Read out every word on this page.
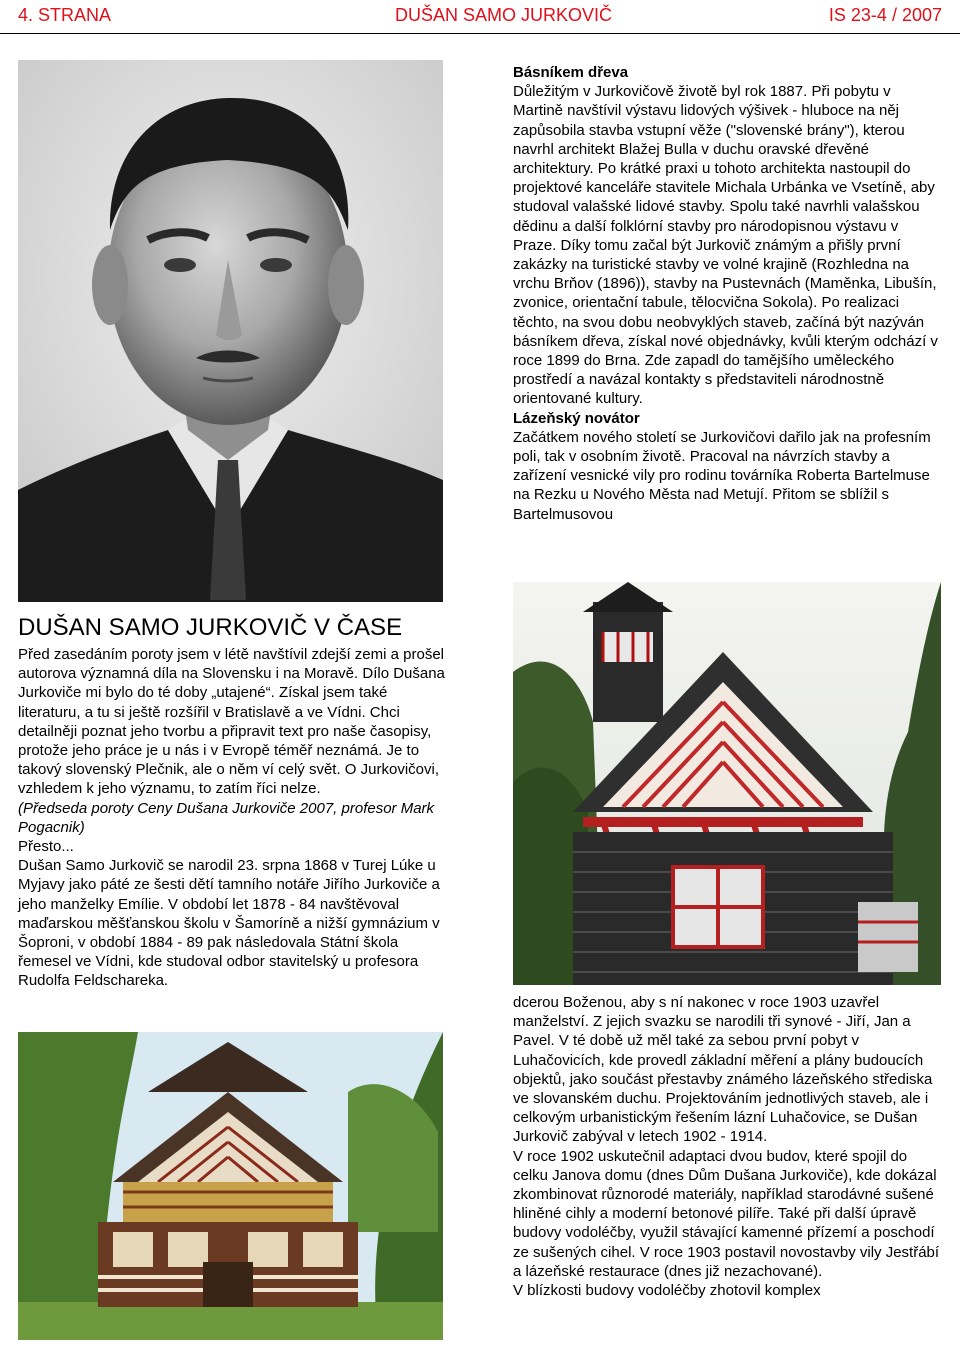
4. STRANA	DUŠAN SAMO JURKOVIČ	IS 23-4 / 2007

Básníkem dřeva

Důležitým v Jurkovičově životě byl rok 1887. Při pobytu v Martině navštívil výstavu lidových výšivek - hluboce na něj zapůsobila stavba vstupní věže ("slovenské brány"), kterou navrhl architekt Blažej Bulla v duchu oravské dřevěné architektury. Po krátké praxi u tohoto architekta nastoupil do projektové kanceláře stavitele Michala Urbánka ve Vsetíně, aby studoval valašské lidové stavby. Spolu také navrhli valašskou dědinu a další folklórní stavby pro národopisnou výstavu v Praze. Díky tomu začal být Jurkovič známým a přišly první zakázky na turistické stavby ve volné krajině (Rozhledna na vrchu Brňov (1896)), stavby na Pustevnách (Maměnka, Libušín, zvonice, orientační tabule, tělocvična Sokola). Po realizaci těchto, na svou dobu neobvyklých staveb, začíná být nazýván básníkem dřeva, získal nové objednávky, kvůli kterým odchází v roce 1899 do Brna. Zde zapadl do tamějšího uměleckého prostředí a navázal kontakty s představiteli národnostně orientované kultury.

Lázeňský novátor

Začátkem nového století se Jurkovičovi dařilo jak na profesním poli, tak v osobním životě. Pracoval na návrzích stavby a zařízení vesnické vily pro rodinu továrníka Roberta Bartelmuse na Rezku u Nového Města nad Metují. Přitom se sblížil s Bartelmusovou

DUŠAN SAMO JURKOVIČ V ČASE

Před zasedáním poroty jsem v létě navštívil zdejší zemi a prošel autorova významná díla na Slovensku i na Moravě. Dílo Dušana Jurkoviče mi bylo do té doby „utajené“. Získal jsem také literaturu, a tu si ještě rozšířil v Bratislavě a ve Vídni. Chci detailněji poznat jeho tvorbu a připravit text pro naše časopisy, protože jeho práce je u nás i v Evropě téměř neznámá. Je to takový slovenský Plečnik, ale o něm ví celý svět. O Jurkovičovi, vzhledem k jeho významu, to zatím říci nelze.

(Předseda poroty Ceny Dušana Jurkoviče 2007, profesor Mark Pogacnik)

Přesto...

Dušan Samo Jurkovič se narodil 23. srpna 1868 v Turej Lúke u Myjavy jako páté ze šesti dětí tamního notáře Jiřího Jurkoviče a jeho manželky Emílie. V období let 1878 - 84 navštěvoval maďarskou měšťanskou školu v Šamoríně a nižší gymnázium v Šoproni, v období 1884 - 89 pak následovala Státní škola řemesel ve Vídni, kde studoval odbor stavitelský u profesora Rudolfa Feldschareka.

dcerou Boženou, aby s ní nakonec v roce 1903 uzavřel manželství. Z jejich svazku se narodili tři synové - Jiří, Jan a Pavel. V té době už měl také za sebou první pobyt v Luhačovicích, kde provedl základní měření a plány budoucích objektů, jako součást přestavby známého lázeňského střediska ve slovanském duchu. Projektováním jednotlivých staveb, ale i celkovým urbanistickým řešením lázní Luhačovice, se Dušan Jurkovič zabýval v letech 1902 - 1914.

V roce 1902 uskutečnil adaptaci dvou budov, které spojil do celku Janova domu (dnes Dům Dušana Jurkoviče), kde dokázal zkombinovat různorodé materiály, například starodávné sušené hliněné cihly a moderní betonové pilíře. Také při další úpravě budovy vodoléčby, využil stávající kamenné přízemí a poschodí ze sušených cihel. V roce 1903 postavil novostavby vily Jestřábí a lázeňské restaurace (dnes již nezachované).

V blízkosti budovy vodoléčby zhotovil komplex
